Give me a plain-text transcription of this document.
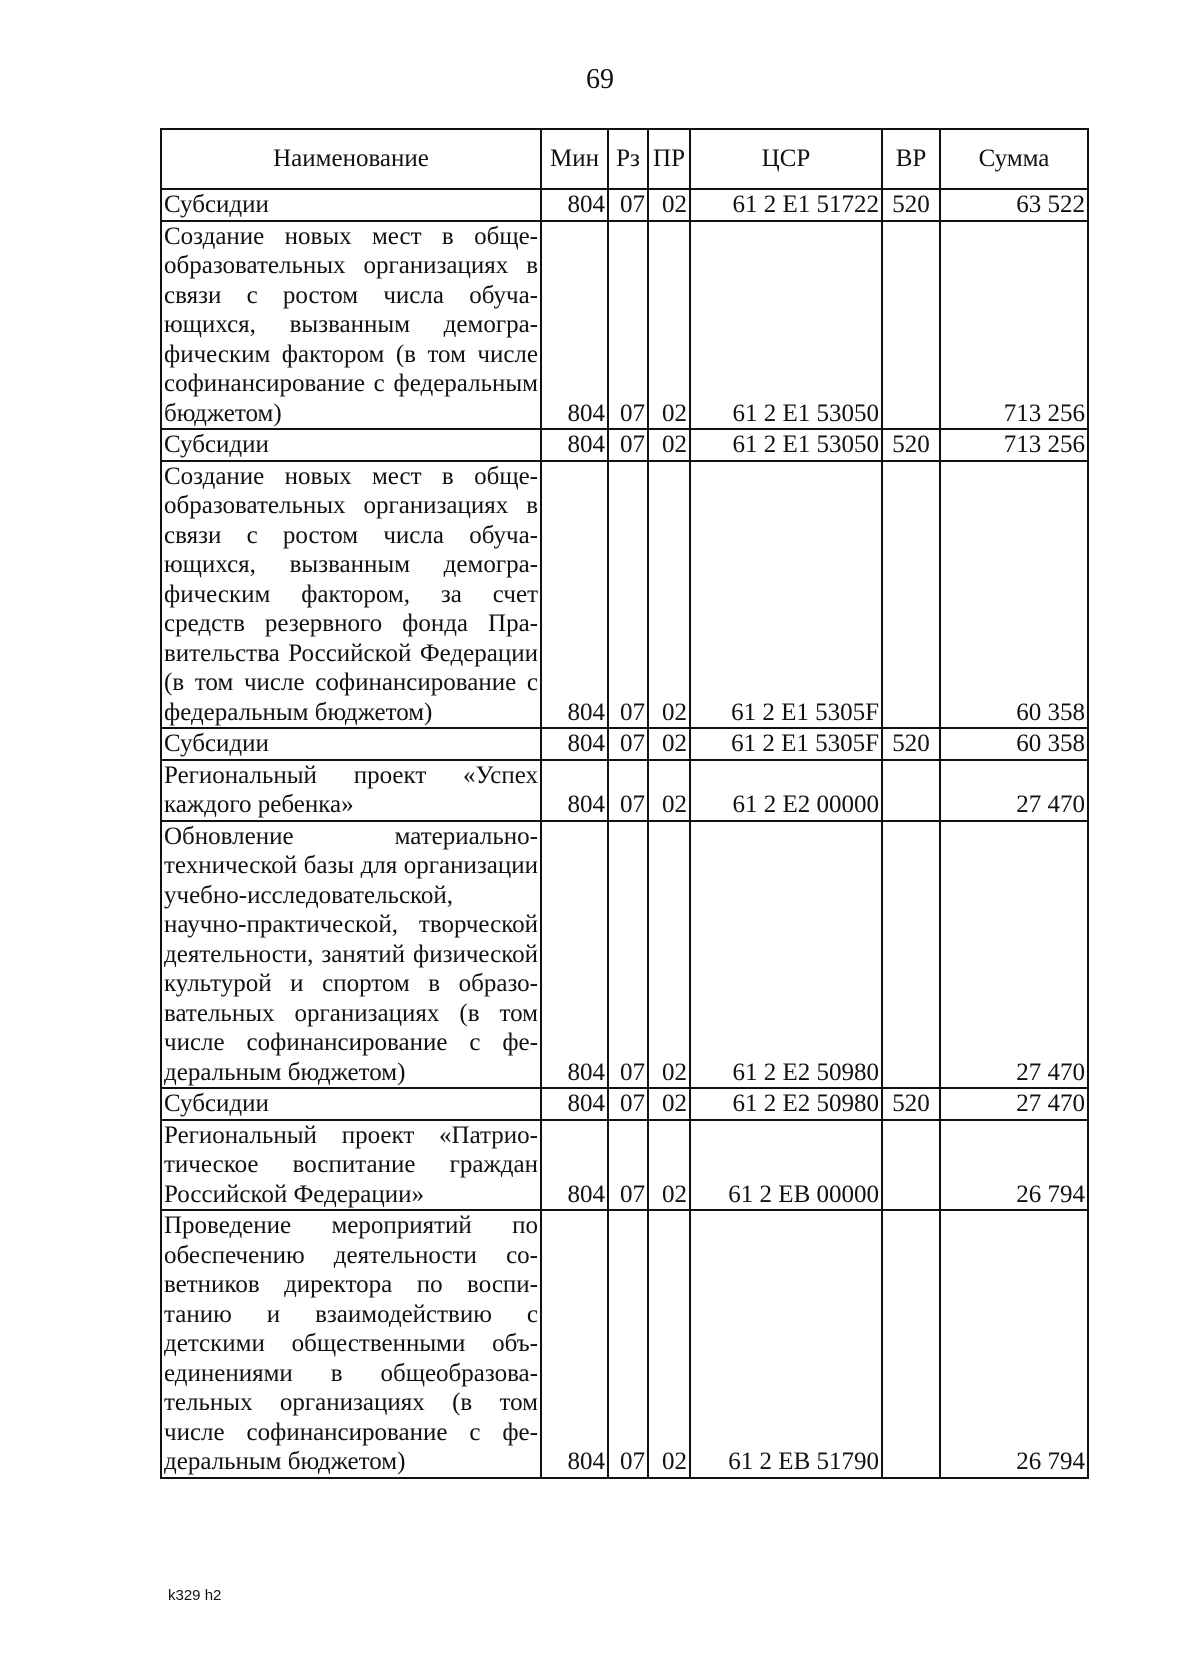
69
Наименование	Мин	Рз	ПР	ЦСР	ВР	Сумма
Субсидии	804	07	02	61 2 E1 51722	520	63 522
Создание новых мест в общеобразовательных организациях в связи с ростом числа обучающихся, вызванным демографическим фактором (в том числе софинансирование с федеральным бюджетом)	804	07	02	61 2 E1 53050		713 256
Субсидии	804	07	02	61 2 E1 53050	520	713 256
Создание новых мест в общеобразовательных организациях в связи с ростом числа обучающихся, вызванным демографическим фактором, за счет средств резервного фонда Правительства Российской Федерации (в том числе софинансирование с федеральным бюджетом)	804	07	02	61 2 E1 5305F		60 358
Субсидии	804	07	02	61 2 E1 5305F	520	60 358
Региональный проект «Успех каждого ребенка»	804	07	02	61 2 E2 00000		27 470
Обновление материально-технической базы для организации учебно-исследовательской, научно-практической, творческой деятельности, занятий физической культурой и спортом в образовательных организациях (в том числе софинансирование с федеральным бюджетом)	804	07	02	61 2 E2 50980		27 470
Субсидии	804	07	02	61 2 E2 50980	520	27 470
Региональный проект «Патриотическое воспитание граждан Российской Федерации»	804	07	02	61 2 EB 00000		26 794
Проведение мероприятий по обеспечению деятельности советников директора по воспитанию и взаимодействию с детскими общественными объединениями в общеобразовательных организациях (в том числе софинансирование с федеральным бюджетом)	804	07	02	61 2 EB 51790		26 794
k329 h2
